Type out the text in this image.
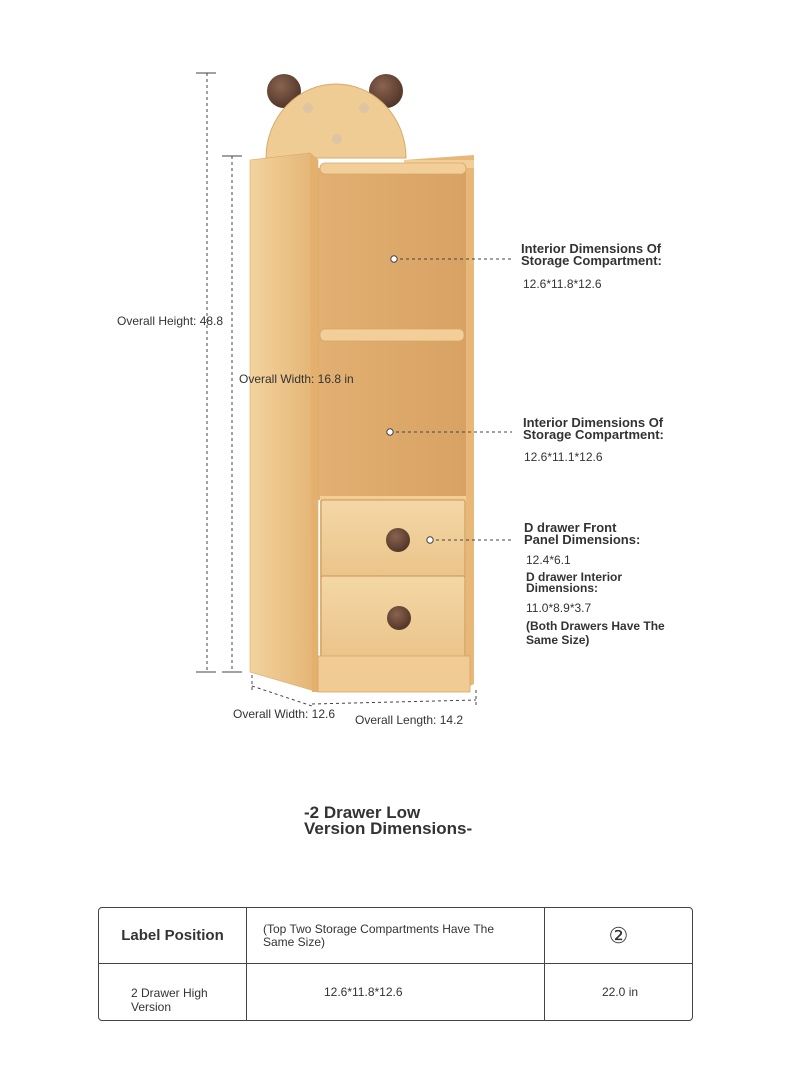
Overall Height: 48.8
Overall Width: 16.8 in
Overall Width: 12.6 Overall Length: 14.2
Interior Dimensions Of
Storage Compartment:
12.6*11.8*12.6
Interior Dimensions Of
Storage Compartment:
12.6*11.1*12.6
D drawer Front
Panel Dimensions:
12.4*6.1
D drawer Interior
Dimensions:
11.0*8.9*3.7
(Both Drawers Have The
Same Size)
-2 Drawer Low
Version Dimensions-
Label Position	(Top Two Storage Compartments Have The
Same Size)	②
2 Drawer High Version	12.6*11.8*12.6	22.0 in
